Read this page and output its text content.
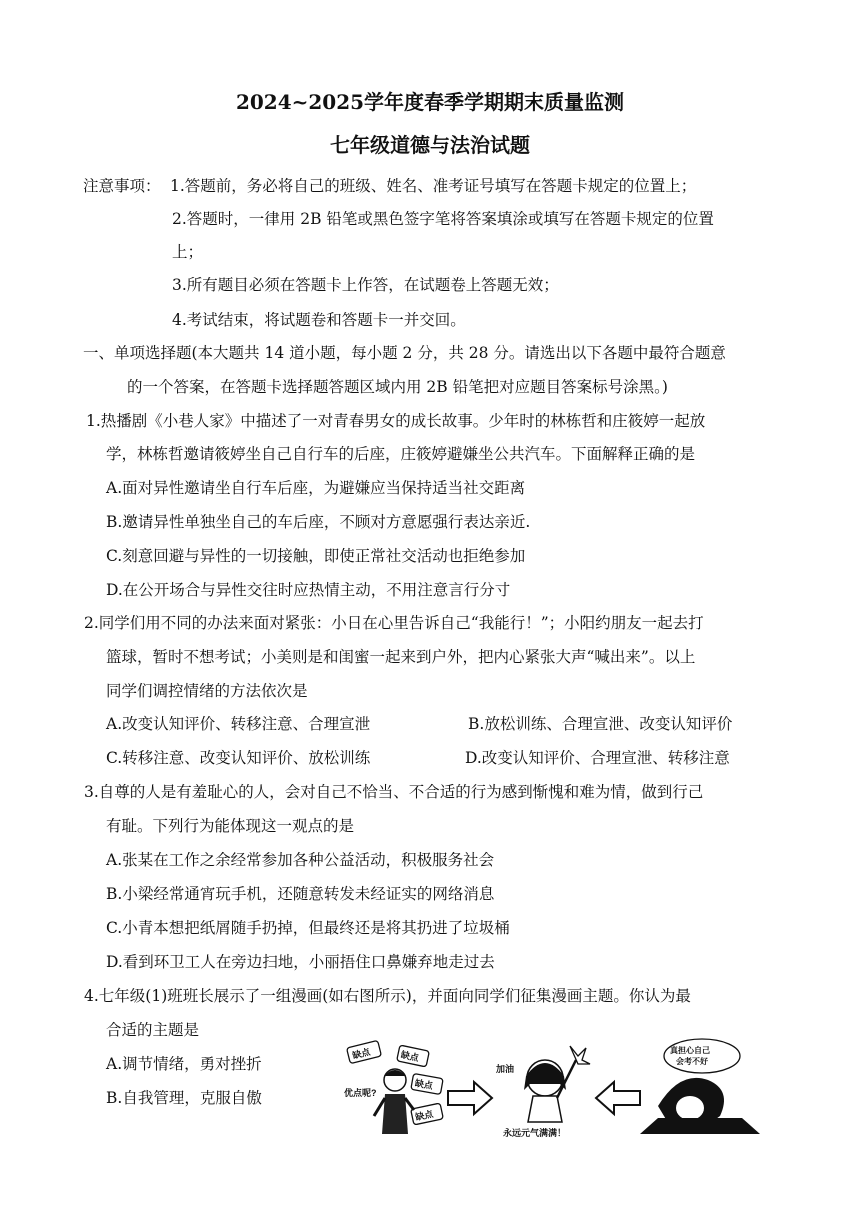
2024~2025学年度春季学期期末质量监测
七年级道德与法治试题
注意事项： 1.答题前，务必将自己的班级、姓名、准考证号填写在答题卡规定的位置上；
2.答题时，一律用 2B 铅笔或黑色签字笔将答案填涂或填写在答题卡规定的位置
上；
3.所有题目必须在答题卡上作答，在试题卷上答题无效；
4.考试结束，将试题卷和答题卡一并交回。
一、单项选择题(本大题共 14 道小题，每小题 2 分，共 28 分。请选出以下各题中最符合题意
的一个答案，在答题卡选择题答题区域内用 2B 铅笔把对应题目答案标号涂黑。)
1.热播剧《小巷人家》中描述了一对青春男女的成长故事。少年时的林栋哲和庄筱婷一起放
学，林栋哲邀请筱婷坐自己自行车的后座，庄筱婷避嫌坐公共汽车。下面解释正确的是
A.面对异性邀请坐自行车后座，为避嫌应当保持适当社交距离
B.邀请异性单独坐自己的车后座，不顾对方意愿强行表达亲近.
C.刻意回避与异性的一切接触，即使正常社交活动也拒绝参加
D.在公开场合与异性交往时应热情主动，不用注意言行分寸
2.同学们用不同的办法来面对紧张：小日在心里告诉自己“我能行！”；小阳约朋友一起去打
篮球，暂时不想考试；小美则是和闺蜜一起来到户外，把内心紧张大声“喊出来”。以上
同学们调控情绪的方法依次是
A.改变认知评价、转移注意、合理宣泄	B.放松训练、合理宣泄、改变认知评价
C.转移注意、改变认知评价、放松训练	D.改变认知评价、合理宣泄、转移注意
3.自尊的人是有羞耻心的人，会对自己不恰当、不合适的行为感到惭愧和难为情，做到行己
有耻。下列行为能体现这一观点的是
A.张某在工作之余经常参加各种公益活动，积极服务社会
B.小梁经常通宵玩手机，还随意转发未经证实的网络消息
C.小青本想把纸屑随手扔掉，但最终还是将其扔进了垃圾桶
D.看到环卫工人在旁边扫地，小丽捂住口鼻嫌弃地走过去
4.七年级(1)班班长展示了一组漫画(如右图所示)，并面向同学们征集漫画主题。你认为最
合适的主题是
A.调节情绪，勇对挫折
B.自我管理，克服自傲
缺点	缺点
缺点
缺点
优点呢?
加油
永远元气满满！
真担心自己
会考不好
